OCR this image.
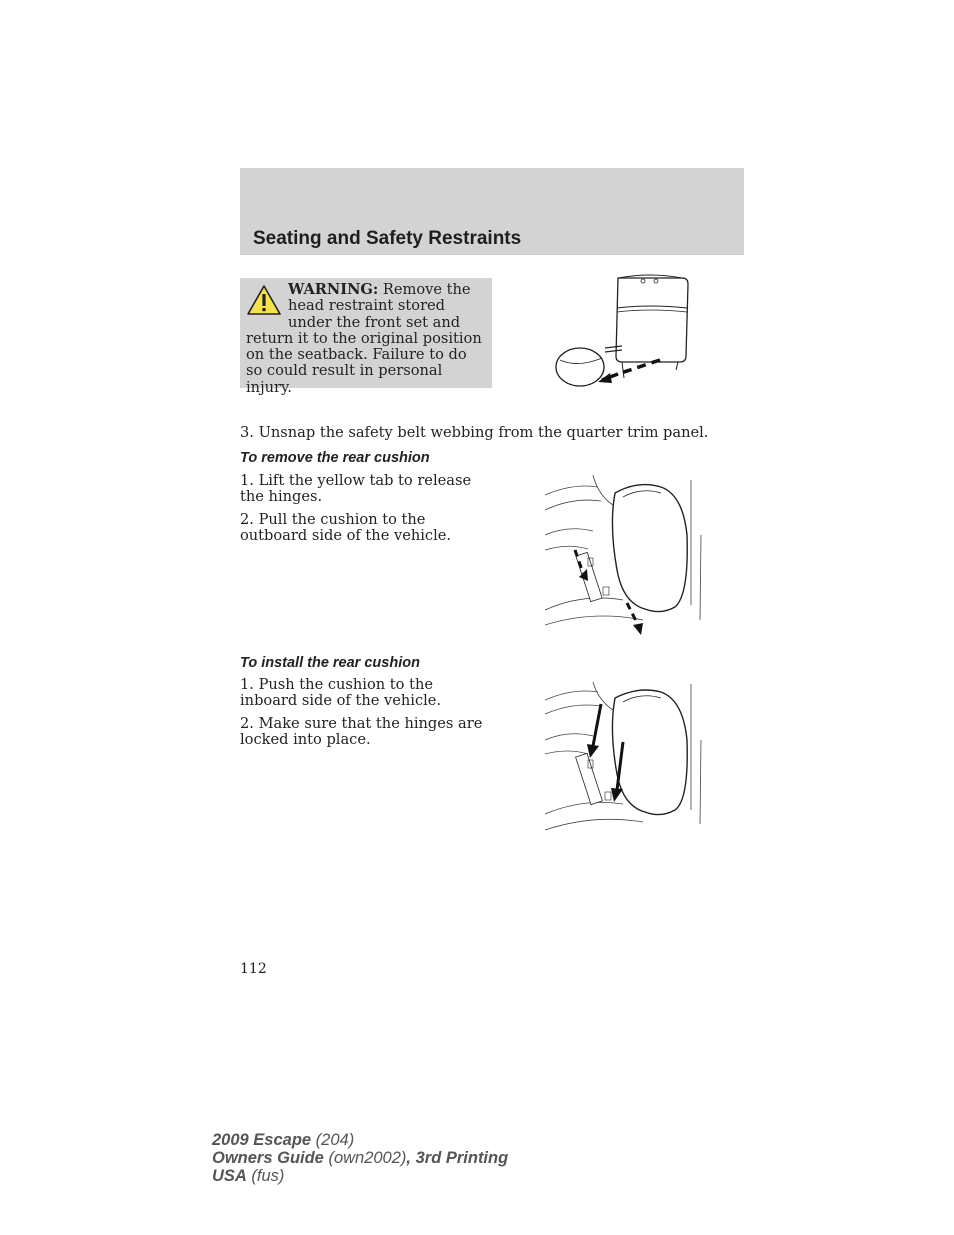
Seating and Safety Restraints
WARNING: Remove the head restraint stored under the front set and return it to the original position on the seatback. Failure to do so could result in personal injury.

3. Unsnap the safety belt webbing from the quarter trim panel.

To remove the rear cushion

1. Lift the yellow tab to release the hinges.

2. Pull the cushion to the outboard side of the vehicle.

To install the rear cushion

1. Push the cushion to the inboard side of the vehicle.

2. Make sure that the hinges are locked into place.

112

2009 Escape (204)
Owners Guide (own2002), 3rd Printing
USA (fus)
